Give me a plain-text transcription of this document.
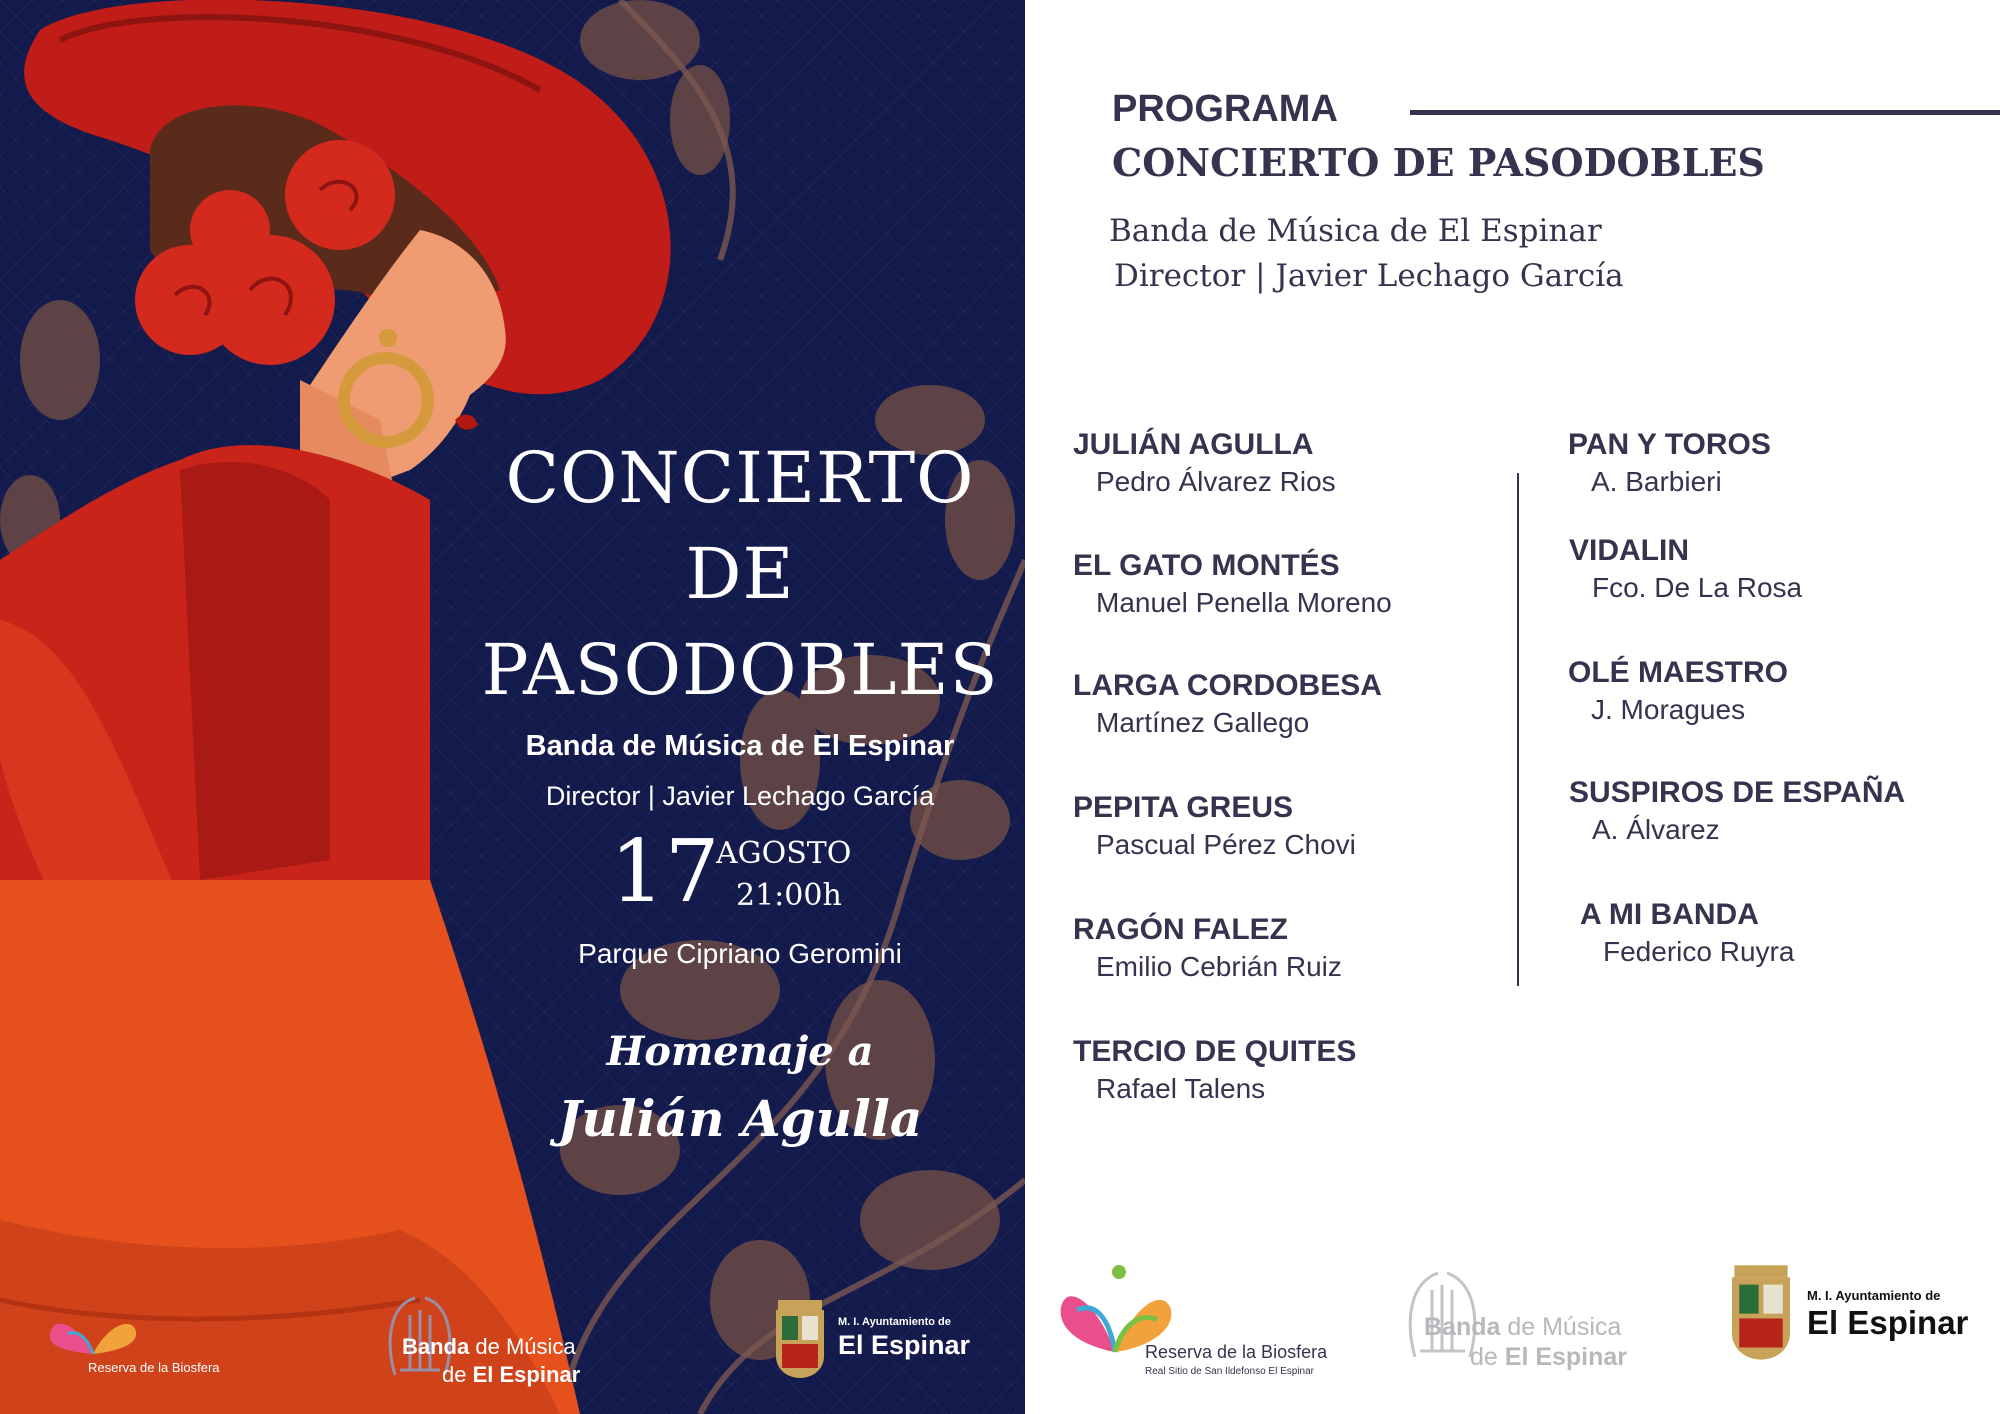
CONCIERTO DE
PASODOBLES
Banda de Música de El Espinar
Director | Javier Lechago García
17
AGOSTO
21:00h
Parque Cipriano Geromini
Homenaje a
Julián Agulla
Reserva de la Biosfera
Banda de Música
de El Espinar
M. I. Ayuntamiento de
El Espinar
PROGRAMA
CONCIERTO DE PASODOBLES
Banda de Música de El Espinar
Director | Javier Lechago García
JULIÁN AGULLA
Pedro Álvarez Rios
EL GATO MONTÉS
Manuel Penella Moreno
LARGA CORDOBESA
Martínez Gallego
PEPITA GREUS
Pascual Pérez Chovi
RAGÓN FALEZ
Emilio Cebrián Ruiz
TERCIO DE QUITES
Rafael Talens
PAN Y TOROS
A. Barbieri
VIDALIN
Fco. De La Rosa
OLÉ MAESTRO
J. Moragues
SUSPIROS DE ESPAÑA
A. Álvarez
A MI BANDA
Federico Ruyra
Reserva de la Biosfera
Real Sitio de San Ildefonso El Espinar
Banda de Música
de El Espinar
M. I. Ayuntamiento de
El Espinar
